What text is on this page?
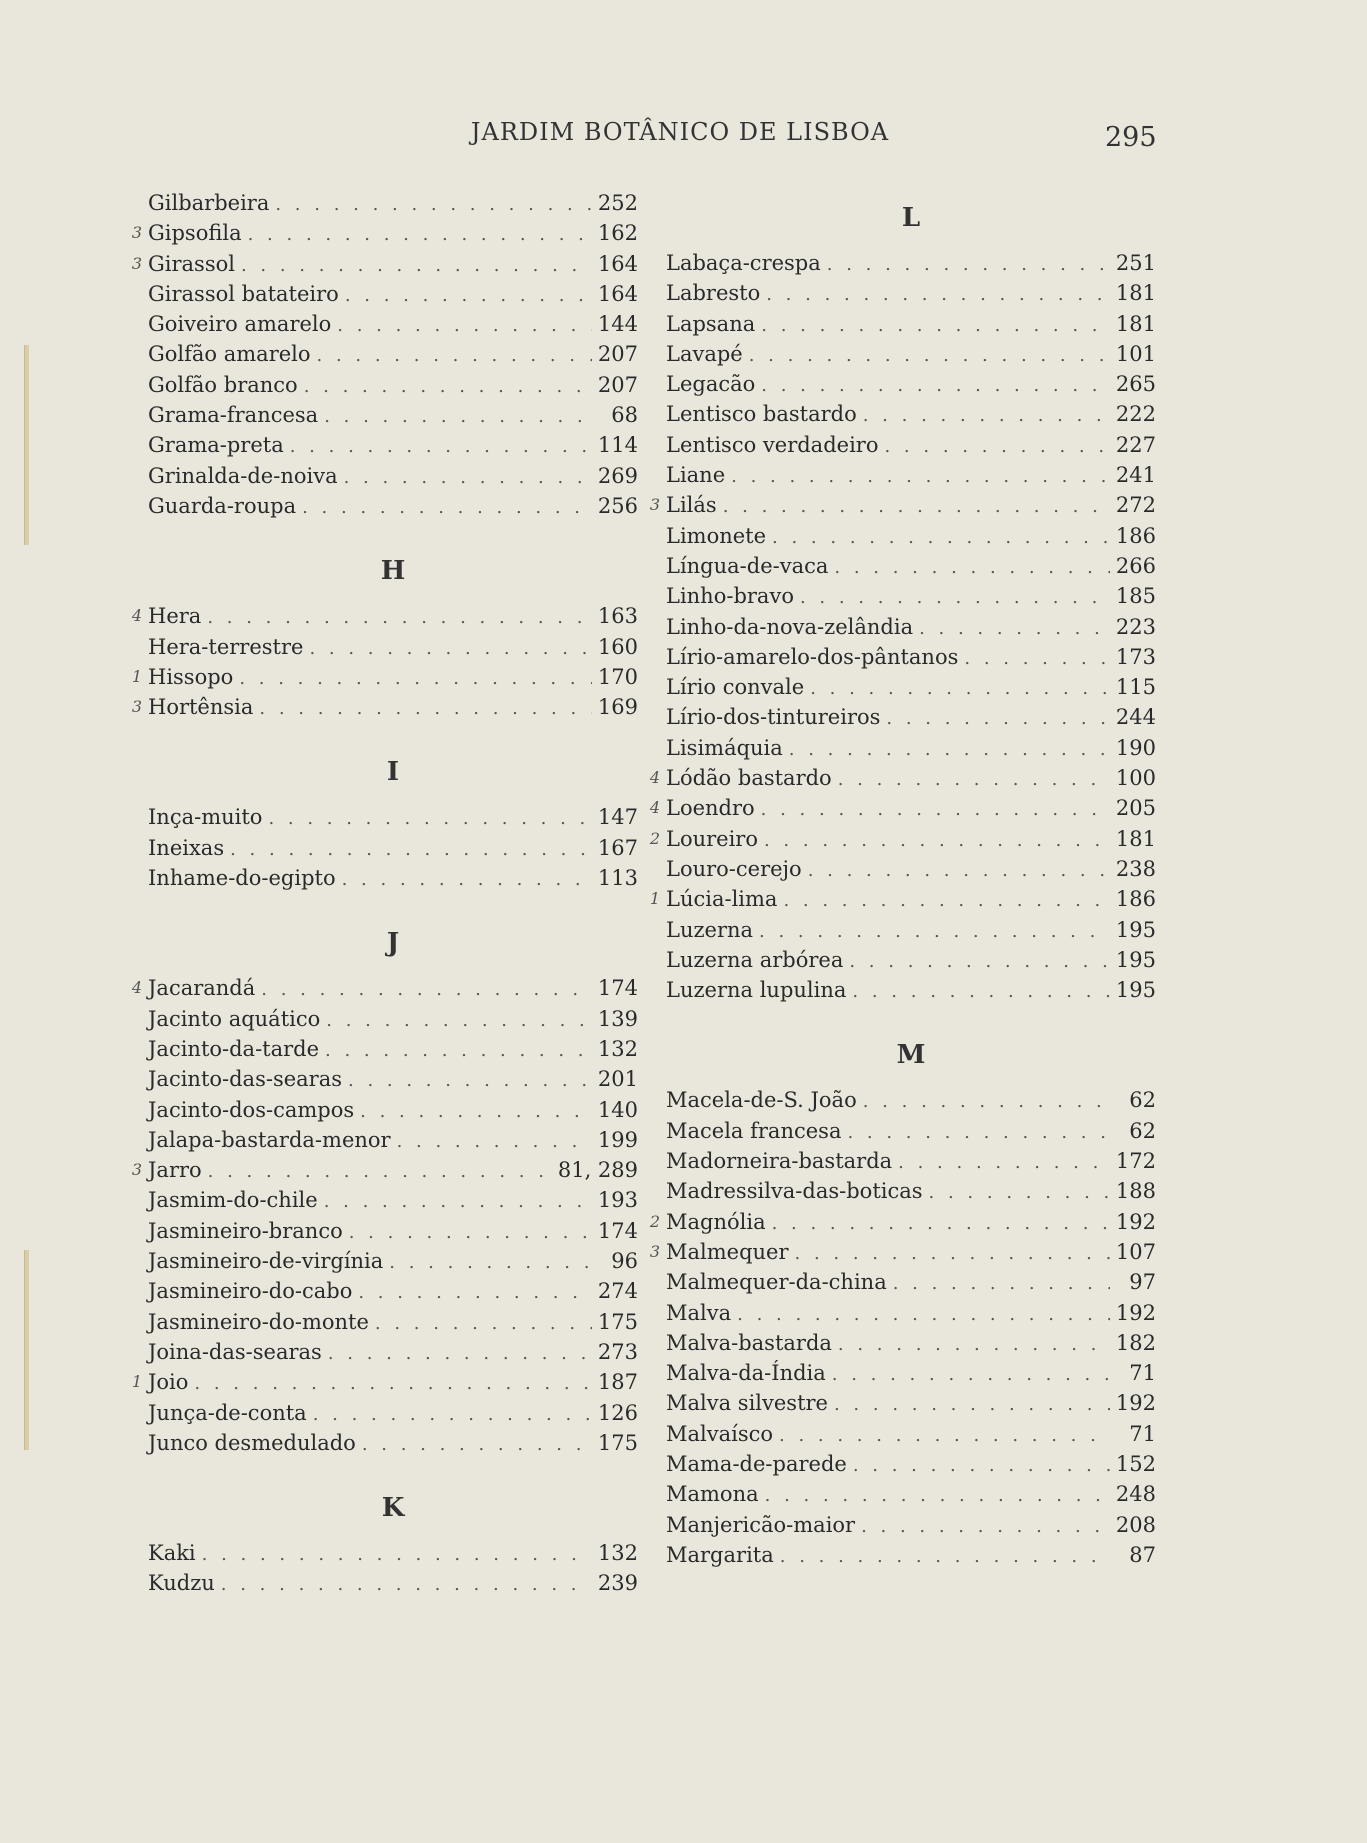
JARDIM BOTÂNICO DE LISBOA	295
Gilbarbeira . . .	252
3 Gipsofila . . .	162
3 Girassol . . .	164
Girassol batateiro . . .	164
Goiveiro amarelo . . .	144
Golfão amarelo . . .	207
Golfão branco . . .	207
Grama-francesa . . .	68
Grama-preta . . .	114
Grinalda-de-noiva . . .	269
Guarda-roupa . . .	256
H
4 Hera . . .	163
Hera-terrestre . . .	160
1 Hissopo . . .	170
3 Hortênsia . . .	169
I
Inça-muito . . .	147
Ineixas . . .	167
Inhame-do-egipto . . .	113
J
4 Jacarandá . . .	174
Jacinto aquático . . .	139
Jacinto-da-tarde . . .	132
Jacinto-das-searas . . .	201
Jacinto-dos-campos . . .	140
Jalapa-bastarda-menor . . .	199
3 Jarro . . .	81, 289
Jasmim-do-chile . . .	193
Jasmineiro-branco . . .	174
Jasmineiro-de-virgínia . . .	96
Jasmineiro-do-cabo . . .	274
Jasmineiro-do-monte . . .	175
Joina-das-searas . . .	273
1 Joio . . .	187
Junça-de-conta . . .	126
Junco desmedulado . . .	175
K
Kaki . . .	132
Kudzu . . .	239
L
Labaça-crespa . . .	251
Labresto . . .	181
Lapsana . . .	181
Lavapé . . .	101
Legacão . . .	265
Lentisco bastardo . . .	222
Lentisco verdadeiro . . .	227
Liane . . .	241
3 Lilás . . .	272
Limonete . . .	186
Língua-de-vaca . . .	266
Linho-bravo . . .	185
Linho-da-nova-zelândia . . .	223
Lírio-amarelo-dos-pântanos . . .	173
Lírio convale . . .	115
Lírio-dos-tintureiros . . .	244
Lisimáquia . . .	190
4 Lódão bastardo . . .	100
4 Loendro . . .	205
2 Loureiro . . .	181
Louro-cerejo . . .	238
1 Lúcia-lima . . .	186
Luzerna . . .	195
Luzerna arbórea . . .	195
Luzerna lupulina . . .	195
M
Macela-de-S. João . . .	62
Macela francesa . . .	62
Madorneira-bastarda . . .	172
Madressilva-das-boticas . . .	188
2 Magnólia . . .	192
3 Malmequer . . .	107
Malmequer-da-china . . .	97
Malva . . .	192
Malva-bastarda . . .	182
Malva-da-Índia . . .	71
Malva silvestre . . .	192
Malvaísco . . .	71
Mama-de-parede . . .	152
Mamona . . .	248
Manjericão-maior . . .	208
Margarita . . .	87
